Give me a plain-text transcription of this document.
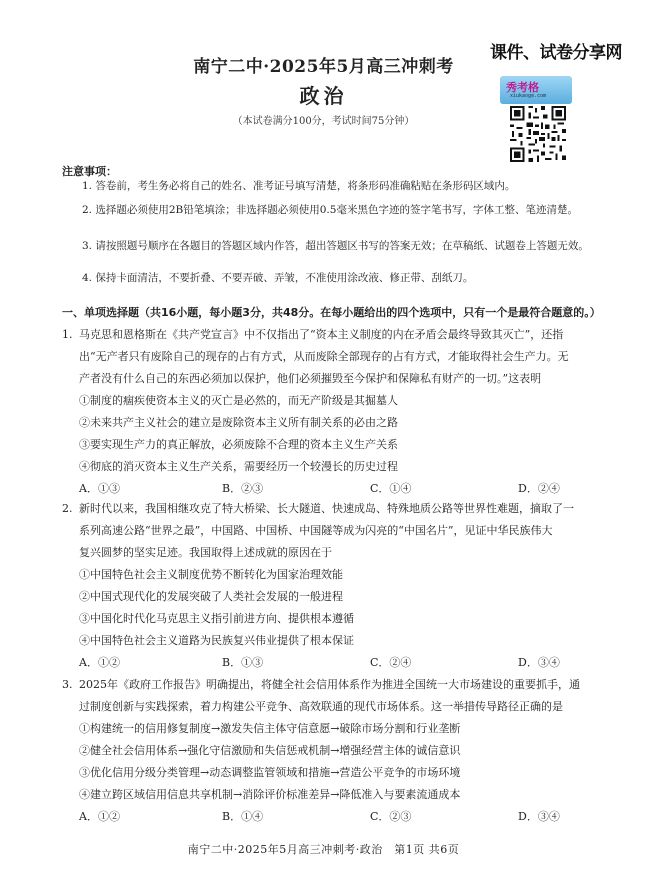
南宁二中·2025年5月高三冲刺考
政治
（本试卷满分100分，考试时间75分钟）
课件、试卷分享网
秀考格
xiukaoge.com
注意事项：
1. 答卷前，考生务必将自己的姓名、准考证号填写清楚，将条形码准确粘贴在条形码区域内。
2. 选择题必须使用2B铅笔填涂；非选择题必须使用0.5毫米黑色字迹的签字笔书写，字体工整、笔迹清楚。
3. 请按照题号顺序在各题目的答题区域内作答，超出答题区书写的答案无效；在草稿纸、试题卷上答题无效。
4. 保持卡面清洁，不要折叠、不要弄破、弄皱，不准使用涂改液、修正带、刮纸刀。
一、单项选择题（共16小题，每小题3分，共48分。在每小题给出的四个选项中，只有一个是最符合题意的。）

1. 马克思和恩格斯在《共产党宣言》中不仅指出了“资本主义制度的内在矛盾会最终导致其灭亡”，还指

出“无产者只有废除自己的现存的占有方式，从而废除全部现存的占有方式，才能取得社会生产力。无

产者没有什么自己的东西必须加以保护，他们必须摧毁至今保护和保障私有财产的一切。”这表明

①制度的痼疾使资本主义的灭亡是必然的，而无产阶级是其掘墓人

②未来共产主义社会的建立是废除资本主义所有制关系的必由之路

③要实现生产力的真正解放，必须废除不合理的资本主义生产关系

④彻底的消灭资本主义生产关系，需要经历一个较漫长的历史过程

A．①③	B．②③	C．①④	D．②④

2. 新时代以来，我国相继攻克了特大桥梁、长大隧道、快速成岛、特殊地质公路等世界性难题，摘取了一

系列高速公路“世界之最”，中国路、中国桥、中国隧等成为闪亮的“中国名片”，见证中华民族伟大

复兴圆梦的坚实足迹。我国取得上述成就的原因在于

①中国特色社会主义制度优势不断转化为国家治理效能

②中国式现代化的发展突破了人类社会发展的一般进程

③中国化时代化马克思主义指引前进方向、提供根本遵循

④中国特色社会主义道路为民族复兴伟业提供了根本保证

A．①②	B．①③	C．②④	D．③④

3. 2025年《政府工作报告》明确提出，将健全社会信用体系作为推进全国统一大市场建设的重要抓手，通

过制度创新与实践探索，着力构建公平竞争、高效联通的现代市场体系。这一举措传导路径正确的是

①构建统一的信用修复制度→激发失信主体守信意愿→破除市场分割和行业垄断

②健全社会信用体系→强化守信激励和失信惩戒机制→增强经营主体的诚信意识

③优化信用分级分类管理→动态调整监管领域和措施→营造公平竞争的市场环境

④建立跨区域信用信息共享机制→消除评价标准差异→降低准入与要素流通成本

A．①②	B．①④	C．②③	D．③④
南宁二中·2025年5月高三冲刺考·政治　第1页 共6页
